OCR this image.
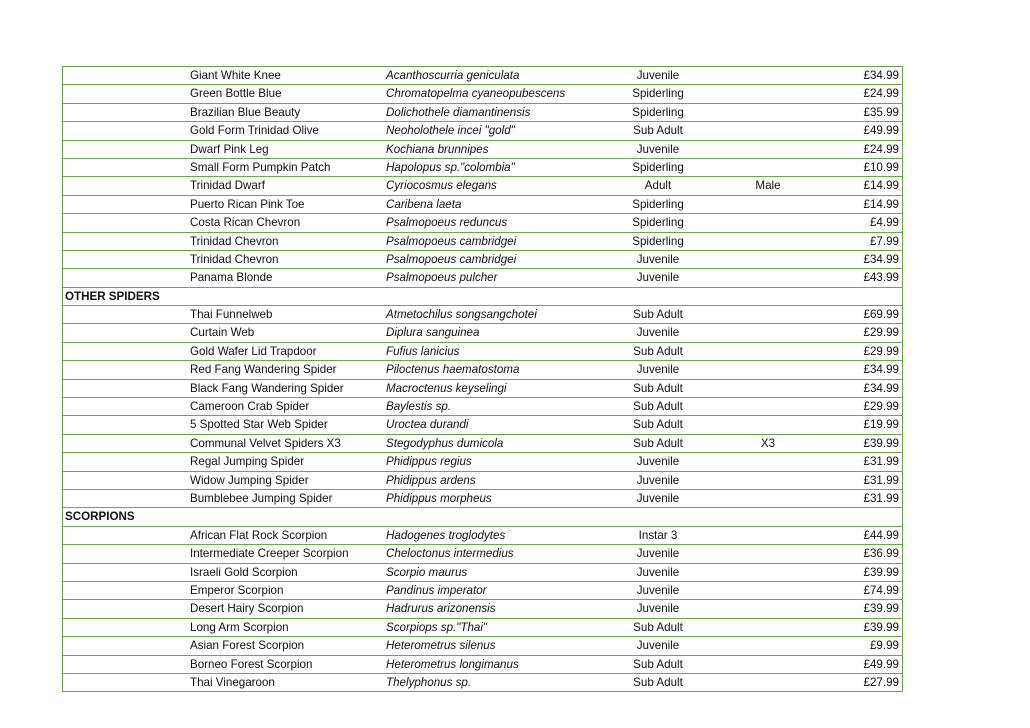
Giant White Knee	Acanthoscurria geniculata	Juvenile	£34.99
Green Bottle Blue	Chromatopelma cyaneopubescens	Spiderling	£24.99
Brazilian Blue Beauty	Dolichothele diamantinensis	Spiderling	£35.99
Gold Form Trinidad Olive	Neoholothele incei "gold"	Sub Adult	£49.99
Dwarf Pink Leg	Kochiana brunnipes	Juvenile	£24.99
Small Form Pumpkin Patch	Hapolopus sp."colombia"	Spiderling	£10.99
Trinidad Dwarf	Cyriocosmus elegans	Adult	Male	£14.99
Puerto Rican Pink Toe	Caribena laeta	Spiderling	£14.99
Costa Rican Chevron	Psalmopoeus reduncus	Spiderling	£4.99
Trinidad Chevron	Psalmopoeus cambridgei	Spiderling	£7.99
Trinidad Chevron	Psalmopoeus cambridgei	Juvenile	£34.99
Panama Blonde	Psalmopoeus pulcher	Juvenile	£43.99
OTHER SPIDERS
Thai Funnelweb	Atmetochilus songsangchotei	Sub Adult	£69.99
Curtain Web	Diplura sanguinea	Juvenile	£29.99
Gold Wafer Lid Trapdoor	Fufius lanicius	Sub Adult	£29.99
Red Fang Wandering Spider	Piloctenus haematostoma	Juvenile	£34.99
Black Fang Wandering Spider	Macroctenus keyselingi	Sub Adult	£34.99
Cameroon Crab Spider	Baylestis sp.	Sub Adult	£29.99
5 Spotted Star Web Spider	Uroctea durandi	Sub Adult	£19.99
Communal Velvet Spiders X3	Stegodyphus dumicola	Sub Adult	X3	£39.99
Regal Jumping Spider	Phidippus regius	Juvenile	£31.99
Widow Jumping Spider	Phidippus ardens	Juvenile	£31.99
Bumblebee Jumping Spider	Phidippus morpheus	Juvenile	£31.99
SCORPIONS
African Flat Rock Scorpion	Hadogenes troglodytes	Instar 3	£44.99
Intermediate Creeper Scorpion	Cheloctonus intermedius	Juvenile	£36.99
Israeli Gold Scorpion	Scorpio maurus	Juvenile	£39.99
Emperor Scorpion	Pandinus imperator	Juvenile	£74.99
Desert Hairy Scorpion	Hadrurus arizonensis	Juvenile	£39.99
Long Arm Scorpion	Scorpiops sp."Thai"	Sub Adult	£39.99
Asian Forest Scorpion	Heterometrus silenus	Juvenile	£9.99
Borneo Forest Scorpion	Heterometrus longimanus	Sub Adult	£49.99
Thai Vinegaroon	Thelyphonus sp.	Sub Adult	£27.99
